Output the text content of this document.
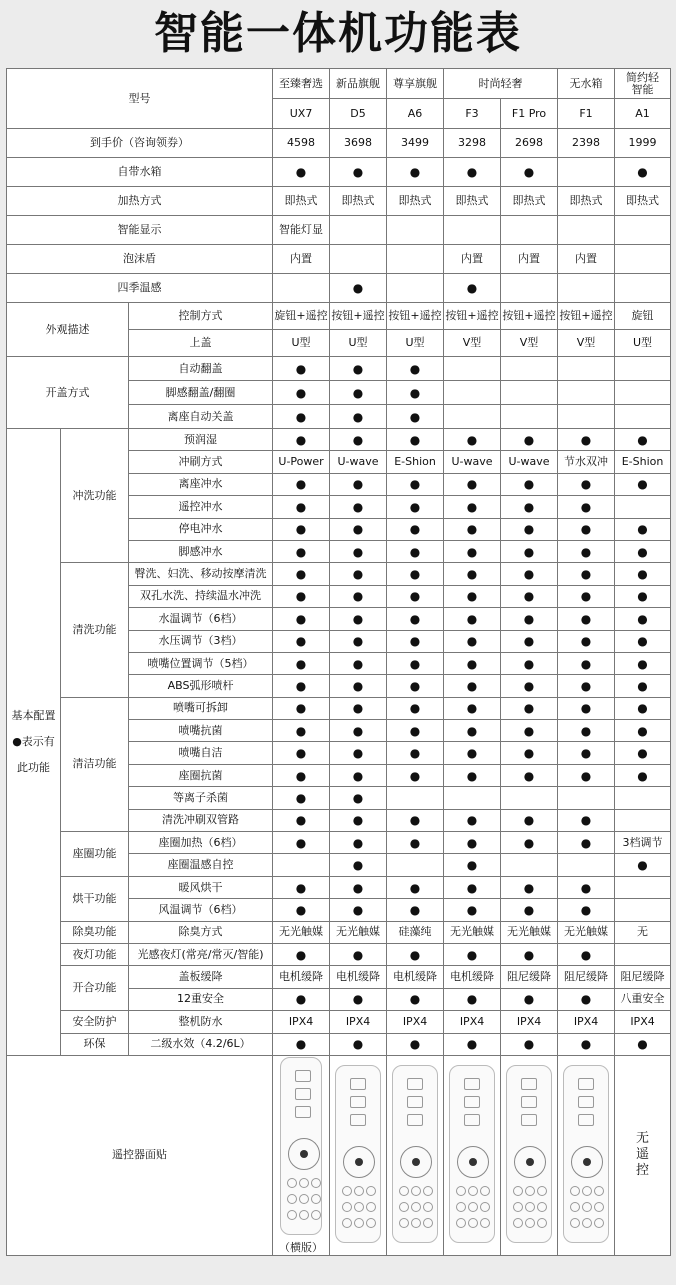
智能一体机功能表
型号			至臻奢选	新品旗舰	尊享旗舰	时尚轻奢		无水箱	简约轻智能
			UX7	D5	A6	F3	F1 Pro	F1	A1
到手价（咨询领券）			4598	3698	3499	3298	2698	2398	1999
自带水箱			●	●	●	●	●		●
加热方式			即热式	即热式	即热式	即热式	即热式	即热式	即热式
智能显示			智能灯显						
泡沫盾			内置			内置	内置	内置	
四季温感				●		●			
外观描述		控制方式	旋钮+遥控	按钮+遥控	按钮+遥控	按钮+遥控	按钮+遥控	按钮+遥控	旋钮
		上盖	U型	U型	U型	V型	V型	V型	U型
开盖方式		自动翻盖	●	●	●				
		脚感翻盖/翻圈	●	●	●				
		离座自动关盖	●	●	●				

基本配置
●表示有
此功能	冲洗功能	预润湿	●	●	●	●	●	●	●
		冲刷方式	U-Power	U-wave	E-Shion	U-wave	U-wave	节水双冲	E-Shion
		离座冲水	●	●	●	●	●	●	●
		遥控冲水	●	●	●	●	●	●	
		停电冲水	●	●	●	●	●	●	●
		脚感冲水	●	●	●	●	●	●	●
	清洗功能	臀洗、妇洗、移动按摩清洗	●	●	●	●	●	●	●
		双孔水洗、持续温水冲洗	●	●	●	●	●	●	●
		水温调节（6档）	●	●	●	●	●	●	●
		水压调节（3档）	●	●	●	●	●	●	●
		喷嘴位置调节（5档）	●	●	●	●	●	●	●
		ABS弧形喷杆	●	●	●	●	●	●	●
	清洁功能	喷嘴可拆卸	●	●	●	●	●	●	●
		喷嘴抗菌	●	●	●	●	●	●	●
		喷嘴自洁	●	●	●	●	●	●	●
		座圈抗菌	●	●	●	●	●	●	●
		等离子杀菌	●	●					
		清洗冲刷双管路	●	●	●	●	●	●	
	座圈功能	座圈加热（6档）	●	●	●	●	●	●	3档调节
		座圈温感自控		●		●			●
	烘干功能	暖风烘干	●	●	●	●	●	●	
		风温调节（6档）	●	●	●	●	●	●	
	除臭功能	除臭方式	无光触媒	无光触媒	硅藻纯	无光触媒	无光触媒	无光触媒	无
	夜灯功能	光感夜灯(常亮/常灭/智能)	●	●	●	●	●	●	
	开合功能	盖板缓降	电机缓降	电机缓降	电机缓降	电机缓降	阻尼缓降	阻尼缓降	阻尼缓降
		12重安全	●	●	●	●	●	●	八重安全
	安全防护	整机防水	IPX4	IPX4	IPX4	IPX4	IPX4	IPX4	IPX4
	环保	二级水效（4.2/6L）	●	●	●	●	●	●	●
遥控器面贴			（横版）						无遥控
